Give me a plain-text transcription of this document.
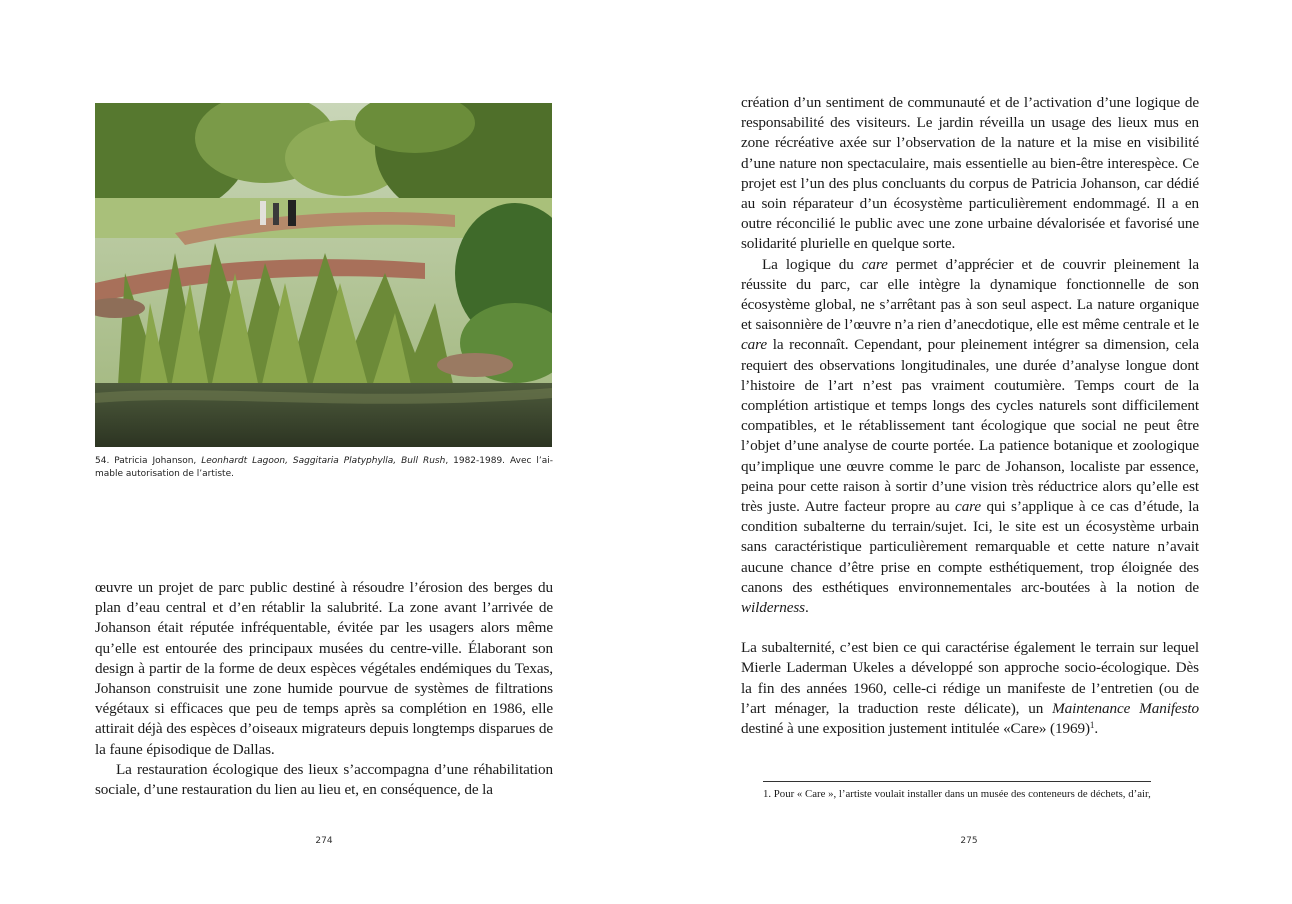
54. Patricia Johanson, Leonhardt Lagoon, Saggitaria Platyphylla, Bull Rush, 1982-1989. Avec l’ai-mable autorisation de l’artiste.

œuvre un projet de parc public destiné à résoudre l’érosion des berges du plan d’eau central et d’en rétablir la salubrité. La zone avant l’arrivée de Johanson était réputée infréquentable, évitée par les usagers alors même qu’elle est entourée des principaux musées du centre-ville. Élaborant son design à partir de la forme de deux espèces végétales endémiques du Texas, Johanson construisit une zone humide pourvue de systèmes de filtrations végétaux si efficaces que peu de temps après sa complétion en 1986, elle attirait déjà des espèces d’oiseaux migrateurs depuis longtemps disparues de la faune épisodique de Dallas.

La restauration écologique des lieux s’accompagna d’une réhabilitation sociale, d’une restauration du lien au lieu et, en conséquence, de la

274

création d’un sentiment de communauté et de l’activation d’une logique de responsabilité des visiteurs. Le jardin réveilla un usage des lieux mus en zone récréative axée sur l’observation de la nature et la mise en visibilité d’une nature non spectaculaire, mais essentielle au bien-être interespèce. Ce projet est l’un des plus concluants du corpus de Patricia Johanson, car dédié au soin réparateur d’un écosystème particulièrement endommagé. Il a en outre réconcilié le public avec une zone urbaine dévalorisée et favorisé une solidarité plurielle en quelque sorte.

La logique du care permet d’apprécier et de couvrir pleinement la réussite du parc, car elle intègre la dynamique fonctionnelle de son écosystème global, ne s’arrêtant pas à son seul aspect. La nature organique et saisonnière de l’œuvre n’a rien d’anecdotique, elle est même centrale et le care la reconnaît. Cependant, pour pleinement intégrer sa dimension, cela requiert des observations longitudinales, une durée d’analyse longue dont l’histoire de l’art n’est pas vraiment coutumière. Temps court de la complétion artistique et temps longs des cycles naturels sont difficilement compatibles, et le rétablissement tant écologique que social ne peut être l’objet d’une analyse de courte portée. La patience botanique et zoologique qu’implique une œuvre comme le parc de Johanson, localiste par essence, peina pour cette raison à sortir d’une vision très réductrice alors qu’elle est très juste. Autre facteur propre au care qui s’applique à ce cas d’étude, la condition subalterne du terrain/sujet. Ici, le site est un écosystème urbain sans caractéristique particulièrement remarquable et cette nature n’avait aucune chance d’être prise en compte esthétiquement, trop éloignée des canons des esthétiques environnementales arc-boutées à la notion de wilderness.

La subalternité, c’est bien ce qui caractérise également le terrain sur lequel Mierle Laderman Ukeles a développé son approche socio-écologique. Dès la fin des années 1960, celle-ci rédige un manifeste de l’entretien (ou de l’art ménager, la traduction reste délicate), un Maintenance Manifesto destiné à une exposition justement intitulée «Care» $(1969)^1$.

1. Pour « Care », l’artiste voulait installer dans un musée des conteneurs de déchets, d’air,
275
